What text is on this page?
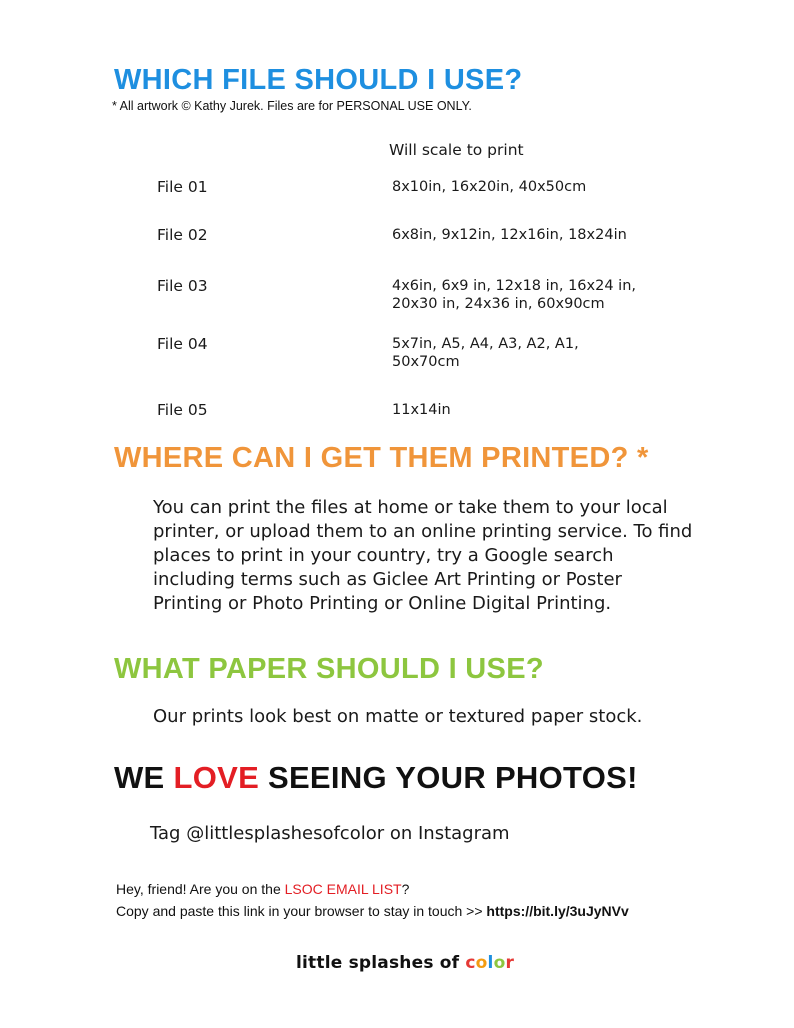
WHICH FILE SHOULD I USE?
* All artwork © Kathy Jurek. Files are for PERSONAL USE ONLY.
Will scale to print
File 01	8x10in, 16x20in, 40x50cm
File 02	6x8in, 9x12in, 12x16in, 18x24in
File 03	4x6in, 6x9 in, 12x18 in, 16x24 in, 20x30 in, 24x36 in, 60x90cm
File 04	5x7in, A5, A4, A3, A2, A1, 50x70cm
File 05	11x14in
WHERE CAN I GET THEM PRINTED? *
You can print the files at home or take them to your local printer, or upload them to an online printing service. To find places to print in your country, try a Google search including terms such as Giclee Art Printing or Poster Printing or Photo Printing or Online Digital Printing.
WHAT PAPER SHOULD I USE?
Our prints look best on matte or textured paper stock.
WE LOVE SEEING YOUR PHOTOS!
Tag @littlesplashesofcolor on Instagram
Hey, friend! Are you on the LSOC EMAIL LIST?
Copy and paste this link in your browser to stay in touch >> https://bit.ly/3uJyNVv
little splashes of color
